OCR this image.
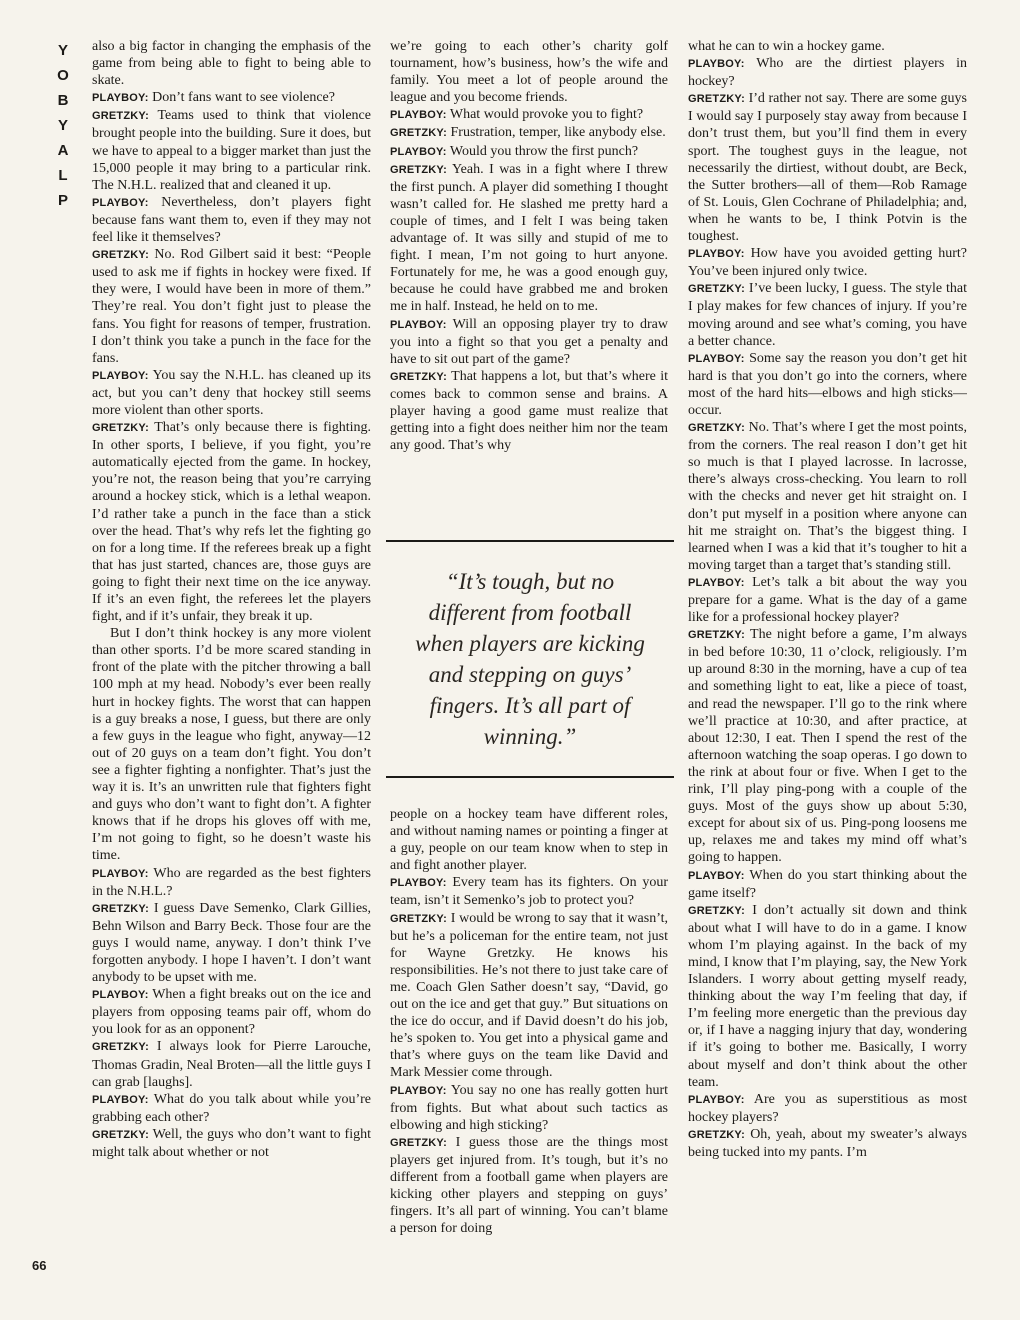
Y
O
B
Y
A
L
P
66

also a big factor in changing the emphasis of the game from being able to fight to being able to skate.

PLAYBOY: Don’t fans want to see violence?

GRETZKY: Teams used to think that violence brought people into the building. Sure it does, but we have to appeal to a bigger market than just the 15,000 people it may bring to a particular rink. The N.H.L. realized that and cleaned it up.

PLAYBOY: Nevertheless, don’t players fight because fans want them to, even if they may not feel like it themselves?

GRETZKY: No. Rod Gilbert said it best: “People used to ask me if fights in hockey were fixed. If they were, I would have been in more of them.” They’re real. You don’t fight just to please the fans. You fight for reasons of temper, frustration. I don’t think you take a punch in the face for the fans.

PLAYBOY: You say the N.H.L. has cleaned up its act, but you can’t deny that hockey still seems more violent than other sports.

GRETZKY: That’s only because there is fighting. In other sports, I believe, if you fight, you’re automatically ejected from the game. In hockey, you’re not, the reason being that you’re carrying around a hockey stick, which is a lethal weapon. I’d rather take a punch in the face than a stick over the head. That’s why refs let the fighting go on for a long time. If the referees break up a fight that has just started, chances are, those guys are going to fight their next time on the ice anyway. If it’s an even fight, the referees let the players fight, and if it’s unfair, they break it up.

But I don’t think hockey is any more violent than other sports. I’d be more scared standing in front of the plate with the pitcher throwing a ball 100 mph at my head. Nobody’s ever been really hurt in hockey fights. The worst that can happen is a guy breaks a nose, I guess, but there are only a few guys in the league who fight, anyway—12 out of 20 guys on a team don’t fight. You don’t see a fighter fighting a nonfighter. That’s just the way it is. It’s an unwritten rule that fighters fight and guys who don’t want to fight don’t. A fighter knows that if he drops his gloves off with me, I’m not going to fight, so he doesn’t waste his time.

PLAYBOY: Who are regarded as the best fighters in the N.H.L.?

GRETZKY: I guess Dave Semenko, Clark Gillies, Behn Wilson and Barry Beck. Those four are the guys I would name, anyway. I don’t think I’ve forgotten anybody. I hope I haven’t. I don’t want anybody to be upset with me.

PLAYBOY: When a fight breaks out on the ice and players from opposing teams pair off, whom do you look for as an opponent?

GRETZKY: I always look for Pierre Larouche, Thomas Gradin, Neal Broten—all the little guys I can grab [laughs].

PLAYBOY: What do you talk about while you’re grabbing each other?

GRETZKY: Well, the guys who don’t want to fight might talk about whether or not

we’re going to each other’s charity golf tournament, how’s business, how’s the wife and family. You meet a lot of people around the league and you become friends.

PLAYBOY: What would provoke you to fight?

GRETZKY: Frustration, temper, like anybody else.

PLAYBOY: Would you throw the first punch?

GRETZKY: Yeah. I was in a fight where I threw the first punch. A player did something I thought wasn’t called for. He slashed me pretty hard a couple of times, and I felt I was being taken advantage of. It was silly and stupid of me to fight. I mean, I’m not going to hurt anyone. Fortunately for me, he was a good enough guy, because he could have grabbed me and broken me in half. Instead, he held on to me.

PLAYBOY: Will an opposing player try to draw you into a fight so that you get a penalty and have to sit out part of the game?

GRETZKY: That happens a lot, but that’s where it comes back to common sense and brains. A player having a good game must realize that getting into a fight does neither him nor the team any good. That’s why

people on a hockey team have different roles, and without naming names or pointing a finger at a guy, people on our team know when to step in and fight another player.

PLAYBOY: Every team has its fighters. On your team, isn’t it Semenko’s job to protect you?

GRETZKY: I would be wrong to say that it wasn’t, but he’s a policeman for the entire team, not just for Wayne Gretzky. He knows his responsibilities. He’s not there to just take care of me. Coach Glen Sather doesn’t say, “David, go out on the ice and get that guy.” But situations on the ice do occur, and if David doesn’t do his job, he’s spoken to. You get into a physical game and that’s where guys on the team like David and Mark Messier come through.

PLAYBOY: You say no one has really gotten hurt from fights. But what about such tactics as elbowing and high sticking?

GRETZKY: I guess those are the things most players get injured from. It’s tough, but it’s no different from a football game when players are kicking other players and stepping on guys’ fingers. It’s all part of winning. You can’t blame a person for doing

what he can to win a hockey game.

PLAYBOY: Who are the dirtiest players in hockey?

GRETZKY: I’d rather not say. There are some guys I would say I purposely stay away from because I don’t trust them, but you’ll find them in every sport. The toughest guys in the league, not necessarily the dirtiest, without doubt, are Beck, the Sutter brothers—all of them—Rob Ramage of St. Louis, Glen Cochrane of Philadelphia; and, when he wants to be, I think Potvin is the toughest.

PLAYBOY: How have you avoided getting hurt? You’ve been injured only twice.

GRETZKY: I’ve been lucky, I guess. The style that I play makes for few chances of injury. If you’re moving around and see what’s coming, you have a better chance.

PLAYBOY: Some say the reason you don’t get hit hard is that you don’t go into the corners, where most of the hard hits—elbows and high sticks—occur.

GRETZKY: No. That’s where I get the most points, from the corners. The real reason I don’t get hit so much is that I played lacrosse. In lacrosse, there’s always cross-checking. You learn to roll with the checks and never get hit straight on. I don’t put myself in a position where anyone can hit me straight on. That’s the biggest thing. I learned when I was a kid that it’s tougher to hit a moving target than a target that’s standing still.

PLAYBOY: Let’s talk a bit about the way you prepare for a game. What is the day of a game like for a professional hockey player?

GRETZKY: The night before a game, I’m always in bed before 10:30, 11 o’clock, religiously. I’m up around 8:30 in the morning, have a cup of tea and something light to eat, like a piece of toast, and read the newspaper. I’ll go to the rink where we’ll practice at 10:30, and after practice, at about 12:30, I eat. Then I spend the rest of the afternoon watching the soap operas. I go down to the rink at about four or five. When I get to the rink, I’ll play ping-pong with a couple of the guys. Most of the guys show up about 5:30, except for about six of us. Ping-pong loosens me up, relaxes me and takes my mind off what’s going to happen.

PLAYBOY: When do you start thinking about the game itself?

GRETZKY: I don’t actually sit down and think about what I will have to do in a game. I know whom I’m playing against. In the back of my mind, I know that I’m playing, say, the New York Islanders. I worry about getting myself ready, thinking about the way I’m feeling that day, if I’m feeling more energetic than the previous day or, if I have a nagging injury that day, wondering if it’s going to bother me. Basically, I worry about myself and don’t think about the other team.

PLAYBOY: Are you as superstitious as most hockey players?

GRETZKY: Oh, yeah, about my sweater’s always being tucked into my pants. I’m

“It’s tough, but no different from football when players are kicking and stepping on guys’ fingers. It’s all part of winning.”
